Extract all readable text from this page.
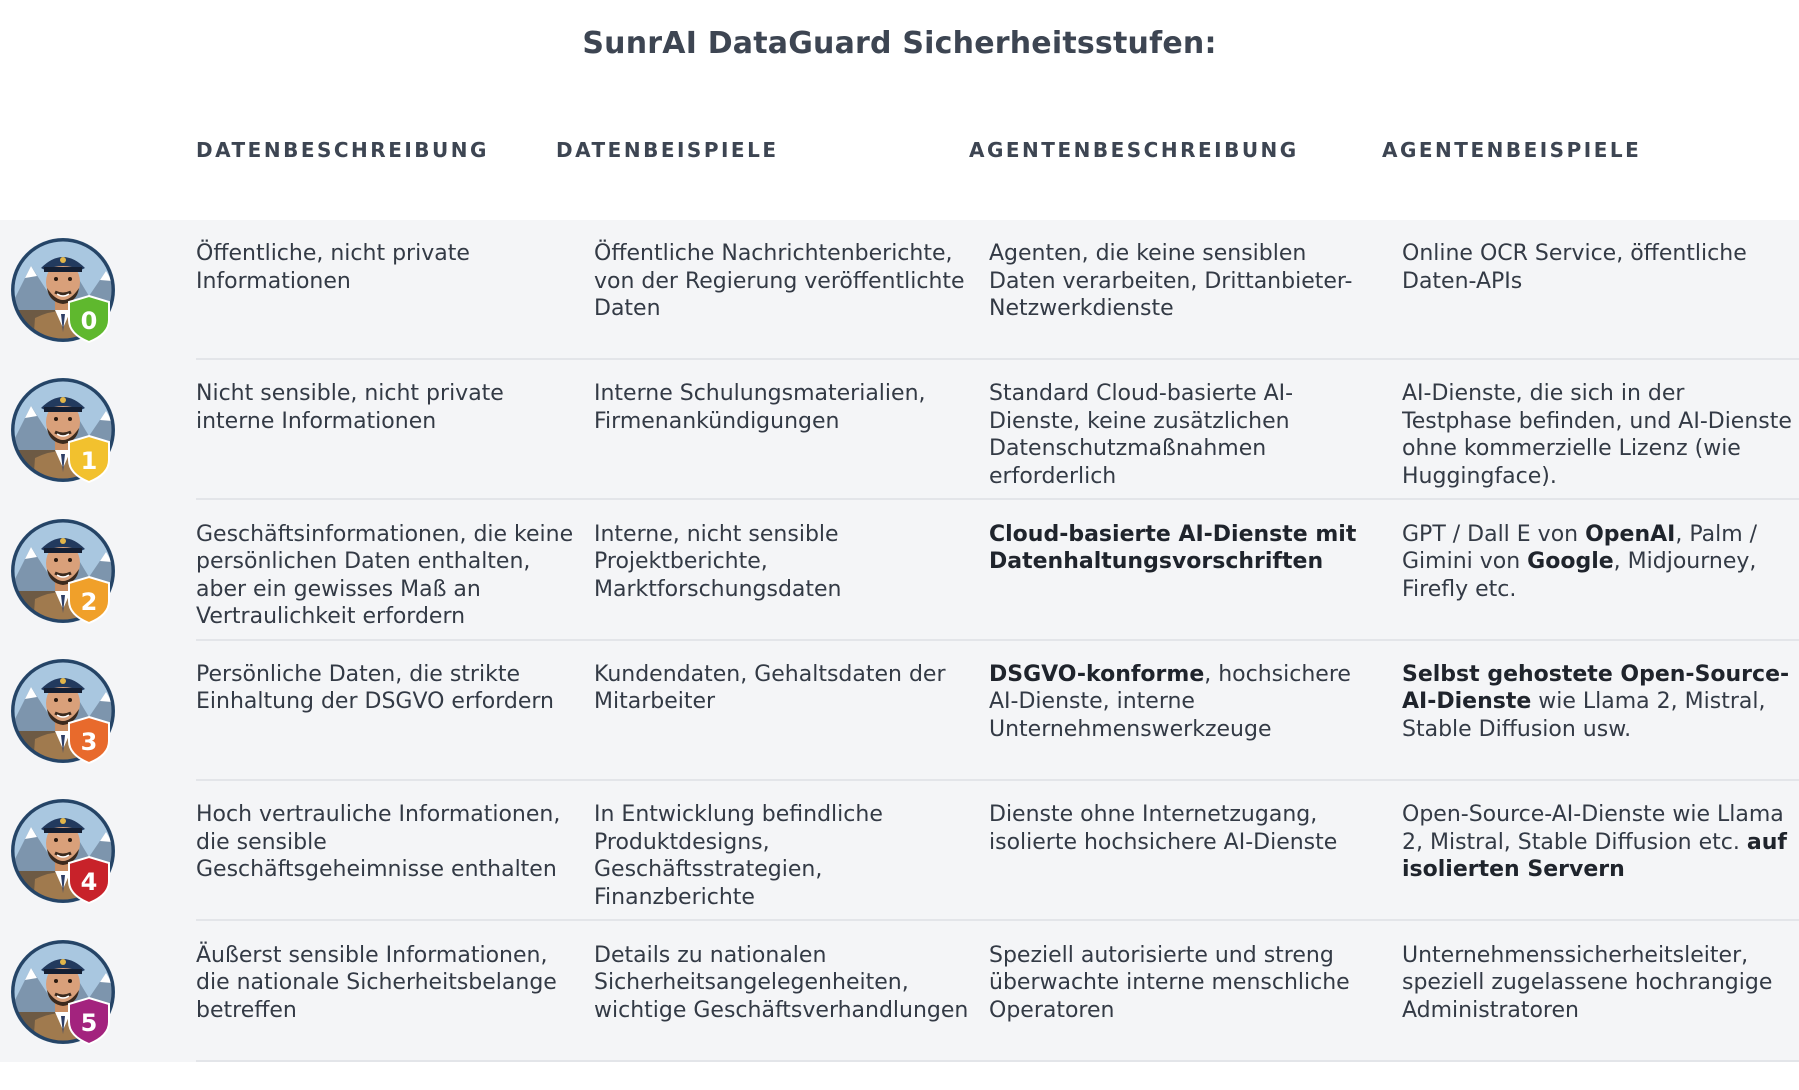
SunrAI DataGuard Sicherheitsstufen:
DATENBESCHREIBUNG	DATENBEISPIELE	AGENTENBESCHREIBUNG	AGENTENBEISPIELE
0
Öffentliche, nicht private Informationen
Öffentliche Nachrichtenberichte, von der Regierung veröffentlichte Daten
Agenten, die keine sensiblen Daten verarbeiten, Drittanbieter-Netzwerkdienste
Online OCR Service, öffentliche Daten-APIs
1
Nicht sensible, nicht private interne Informationen
Interne Schulungsmaterialien, Firmenankündigungen
Standard Cloud-basierte AI-Dienste, keine zusätzlichen Datenschutzmaßnahmen erforderlich
AI-Dienste, die sich in der Testphase befinden, und AI-Dienste ohne kommerzielle Lizenz (wie Huggingface).
2
Geschäftsinformationen, die keine persönlichen Daten enthalten, aber ein gewisses Maß an Vertraulichkeit erfordern
Interne, nicht sensible Projektberichte, Marktforschungsdaten
Cloud-basierte AI-Dienste mit Datenhaltungsvorschriften
GPT / Dall E von OpenAI, Palm / Gimini von Google, Midjourney, Firefly etc.
3
Persönliche Daten, die strikte Einhaltung der DSGVO erfordern
Kundendaten, Gehaltsdaten der Mitarbeiter
DSGVO-konforme, hochsichere AI-Dienste, interne Unternehmenswerkzeuge
Selbst gehostete Open-Source-AI-Dienste wie Llama 2, Mistral, Stable Diffusion usw.
4
Hoch vertrauliche Informationen, die sensible Geschäftsgeheimnisse enthalten
In Entwicklung befindliche Produktdesigns, Geschäftsstrategien, Finanzberichte
Dienste ohne Internetzugang, isolierte hochsichere AI-Dienste
Open-Source-AI-Dienste wie Llama 2, Mistral, Stable Diffusion etc. auf isolierten Servern
5
Äußerst sensible Informationen, die nationale Sicherheitsbelange betreffen
Details zu nationalen Sicherheitsangelegenheiten, wichtige Geschäftsverhandlungen
Speziell autorisierte und streng überwachte interne menschliche Operatoren
Unternehmenssicherheitsleiter, speziell zugelassene hochrangige Administratoren
